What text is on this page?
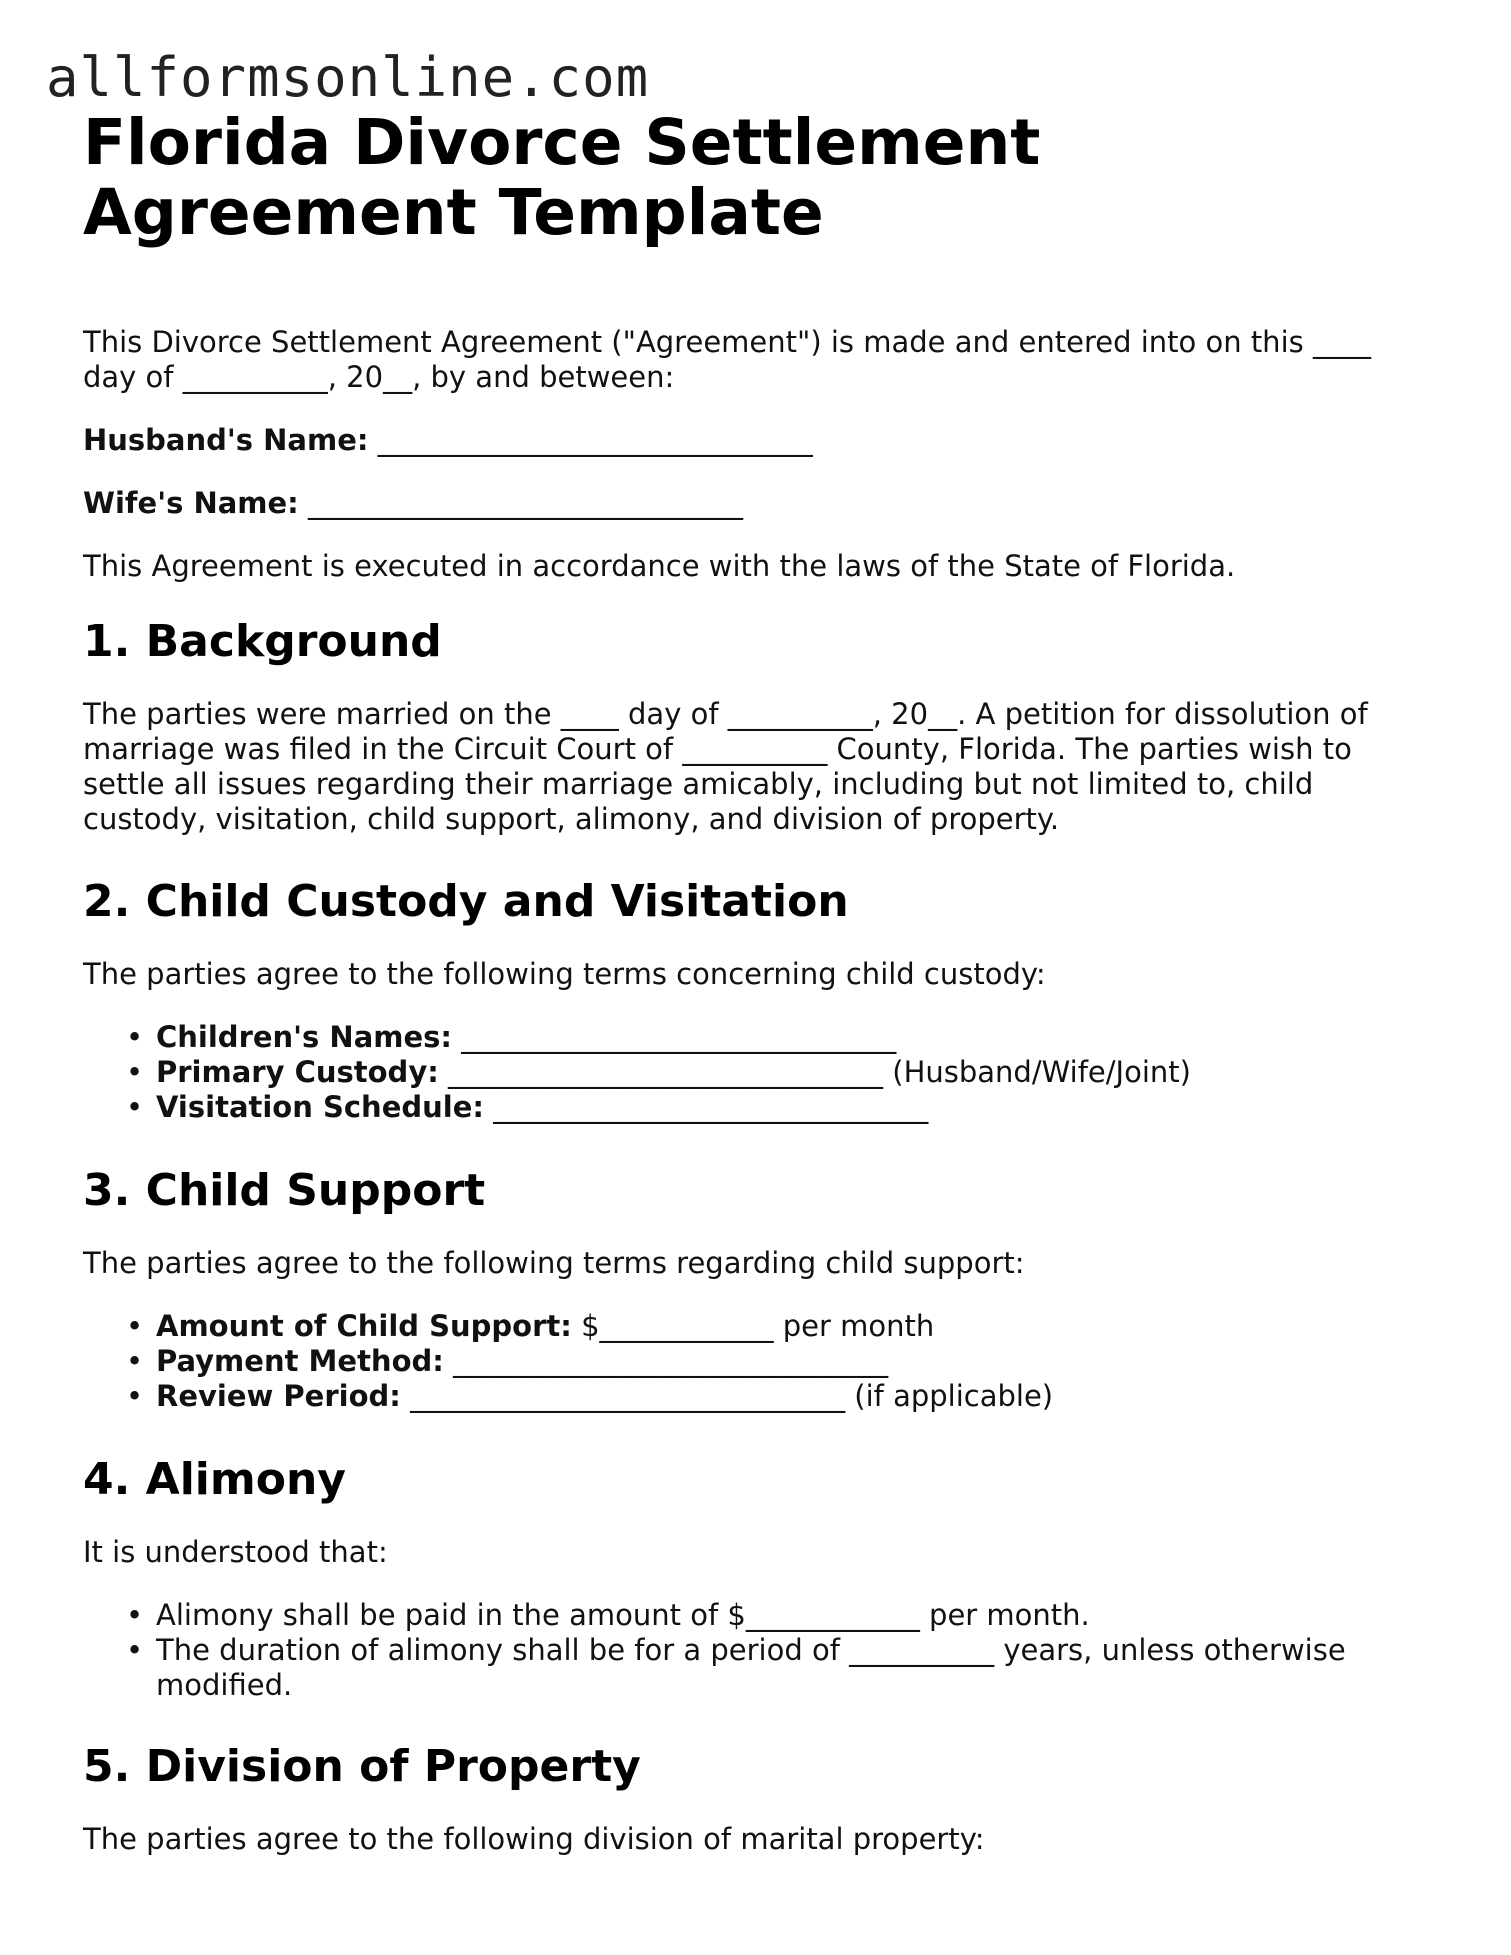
allformsonline.com
Florida Divorce Settlement Agreement Template

This Divorce Settlement Agreement ("Agreement") is made and entered into on this ____ day of __________, 20__, by and between:

Husband's Name: ______________________________

Wife's Name: ______________________________

This Agreement is executed in accordance with the laws of the State of Florida.

1. Background

The parties were married on the ____ day of __________, 20__. A petition for dissolution of marriage was filed in the Circuit Court of __________ County, Florida. The parties wish to settle all issues regarding their marriage amicably, including but not limited to, child custody, visitation, child support, alimony, and division of property.

2. Child Custody and Visitation

The parties agree to the following terms concerning child custody:

• Children's Names: ______________________________
• Primary Custody: ______________________________ (Husband/Wife/Joint)
• Visitation Schedule: ______________________________
3. Child Support

The parties agree to the following terms regarding child support:

• Amount of Child Support: $____________ per month
• Payment Method: ______________________________
• Review Period: ______________________________ (if applicable)
4. Alimony

It is understood that:

• Alimony shall be paid in the amount of $____________ per month.
• The duration of alimony shall be for a period of __________ years, unless otherwise modified.
5. Division of Property

The parties agree to the following division of marital property:
